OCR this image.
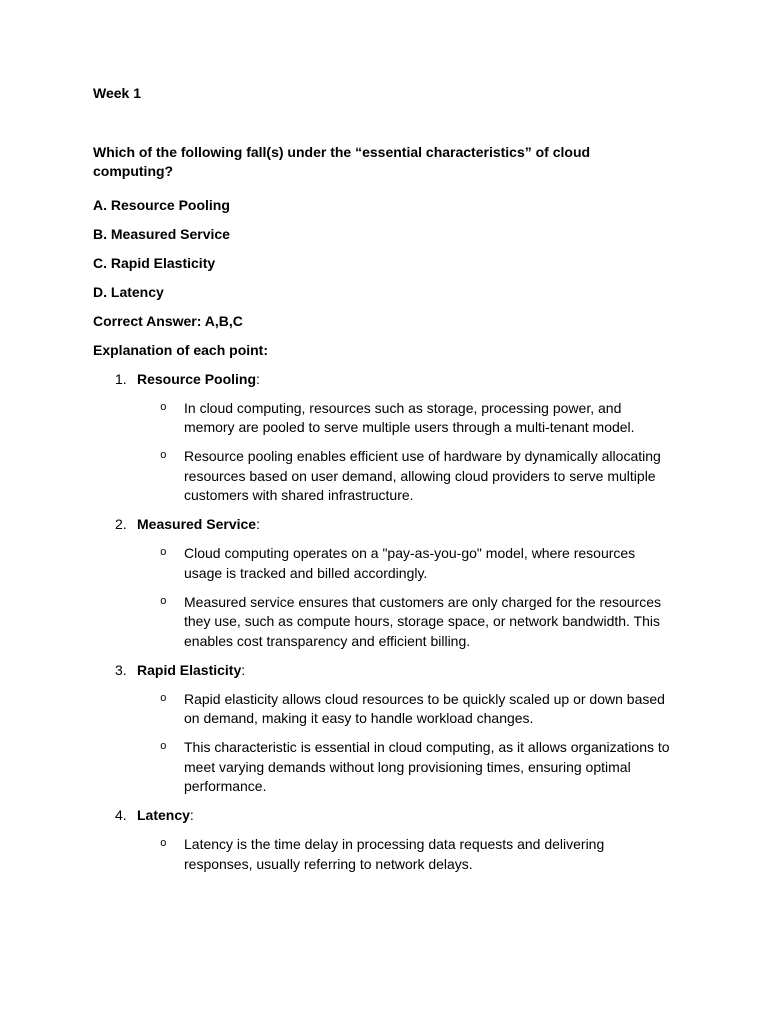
Week 1

Which of the following fall(s) under the “essential characteristics” of cloud computing?

A. Resource Pooling

B. Measured Service

C. Rapid Elasticity

D. Latency

Correct Answer: A,B,C

Explanation of each point:

1. Resource Pooling:

o	In cloud computing, resources such as storage, processing power, and memory are pooled to serve multiple users through a multi-tenant model.
o	Resource pooling enables efficient use of hardware by dynamically allocating resources based on user demand, allowing cloud providers to serve multiple customers with shared infrastructure.

2. Measured Service:

o	Cloud computing operates on a "pay-as-you-go" model, where resources usage is tracked and billed accordingly.
o	Measured service ensures that customers are only charged for the resources they use, such as compute hours, storage space, or network bandwidth. This enables cost transparency and efficient billing.

3. Rapid Elasticity:

o	Rapid elasticity allows cloud resources to be quickly scaled up or down based on demand, making it easy to handle workload changes.
o	This characteristic is essential in cloud computing, as it allows organizations to meet varying demands without long provisioning times, ensuring optimal performance.

4. Latency:

o	Latency is the time delay in processing data requests and delivering responses, usually referring to network delays.
